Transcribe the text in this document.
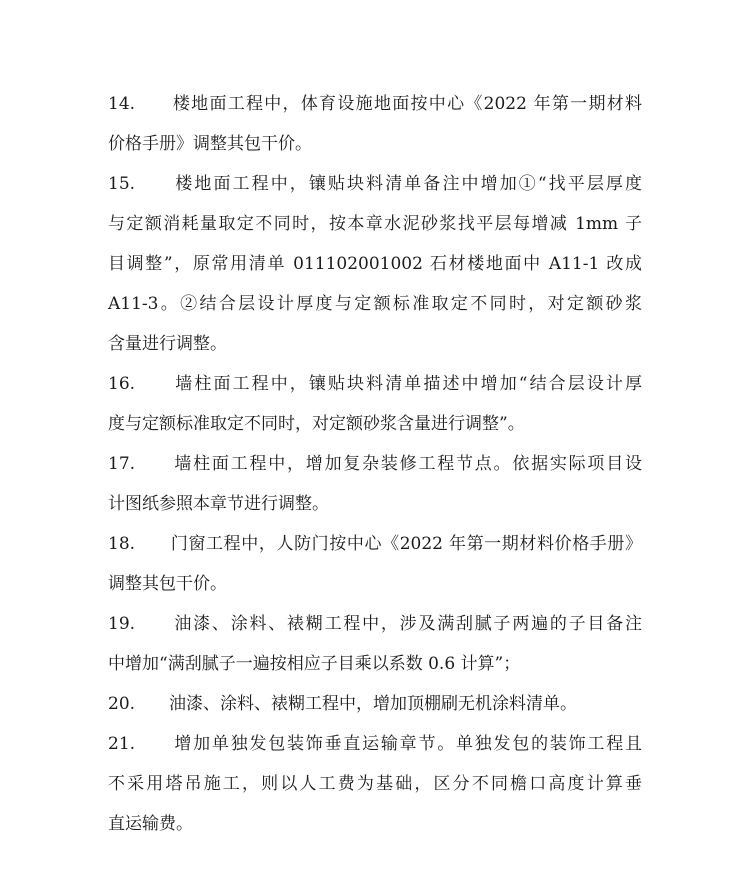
14.　　楼地面工程中，体育设施地面按中心《2022 年第一期材料
价格手册》调整其包干价。
15.　　楼地面工程中，镶贴块料清单备注中增加①“找平层厚度
与定额消耗量取定不同时，按本章水泥砂浆找平层每增减 1mm 子
目调整”，原常用清单 011102001002 石材楼地面中 A11-1 改成
A11-3。②结合层设计厚度与定额标准取定不同时，对定额砂浆
含量进行调整。
16.　　墙柱面工程中，镶贴块料清单描述中增加“结合层设计厚
度与定额标准取定不同时，对定额砂浆含量进行调整”。
17.　　墙柱面工程中，增加复杂装修工程节点。依据实际项目设
计图纸参照本章节进行调整。
18.　　门窗工程中，人防门按中心《2022 年第一期材料价格手册》
调整其包干价。
19.　　油漆、涂料、裱糊工程中，涉及满刮腻子两遍的子目备注
中增加“满刮腻子一遍按相应子目乘以系数 0.6 计算”；
20.　　油漆、涂料、裱糊工程中，增加顶棚刷无机涂料清单。
21.　　增加单独发包装饰垂直运输章节。单独发包的装饰工程且
不采用塔吊施工，则以人工费为基础，区分不同檐口高度计算垂
直运输费。
